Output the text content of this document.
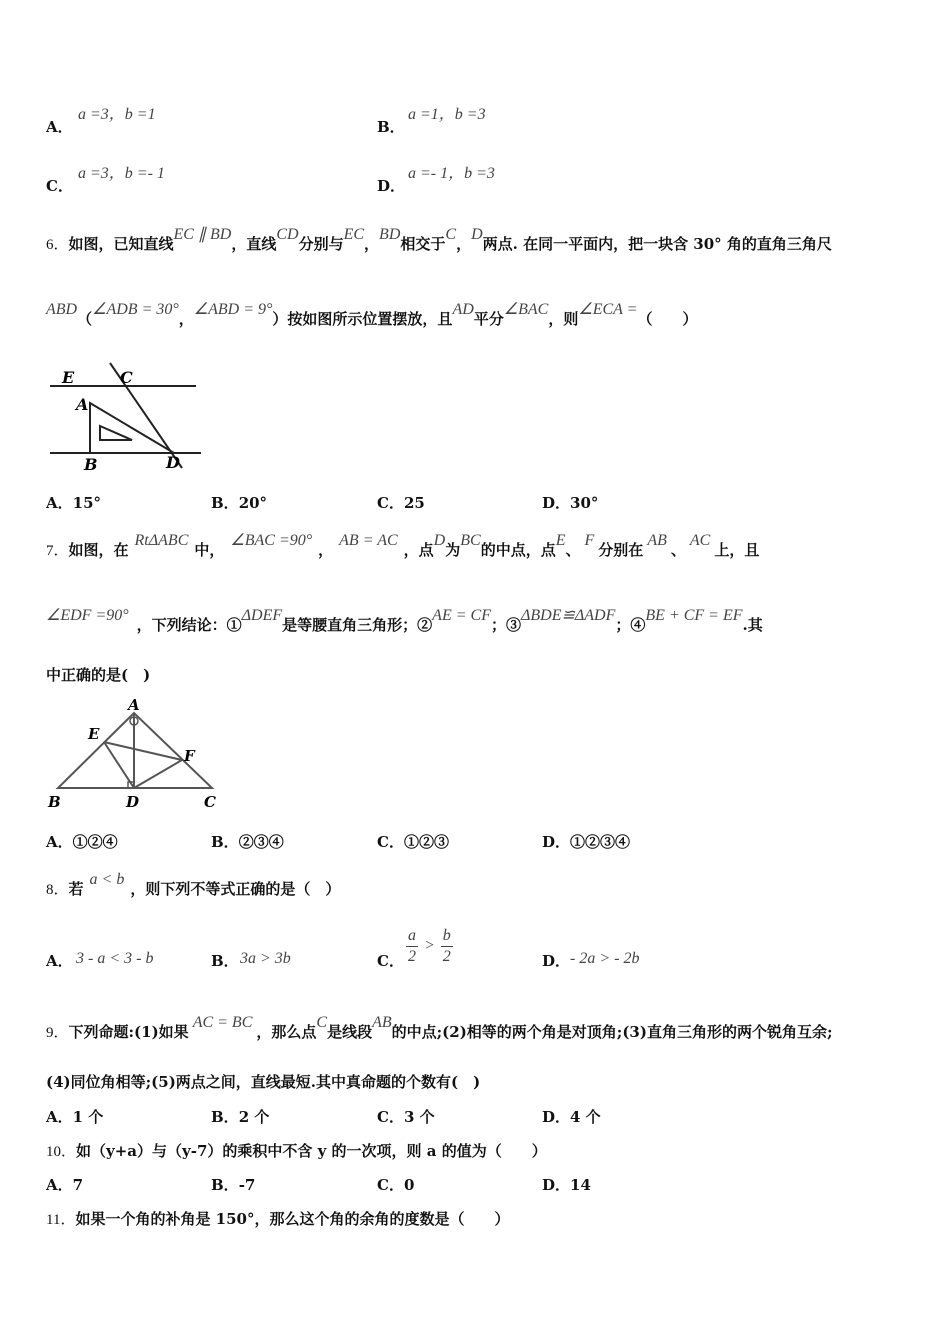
A．
a =3，b =1
B．
a =1，b =3
C．
a =3，b =- 1
D．
a =- 1，b =3
6．如图，已知直线EC ∥ BD，直线CD分别与EC，BD相交于C，D两点. 在同一平面内，把一块含 30° 角的直角三角尺
ABD（∠ADB = 30°，∠ABD = 9°）按如图所示位置摆放，且AD平分∠BAC，则∠ECA =（　　）
E	C
A
B	D
A．15°	B．20°	C．25	D．30°
7．如图，在RtΔABC中，∠BAC =90°，AB = AC，点D为BC的中点，点E、F分别在AB、AC上，且
∠EDF =90°，下列结论：①ΔDEF是等腰直角三角形；②AE = CF；③ΔBDE≌ΔADF；④BE + CF = EF.其
中正确的是(　)
A
E
F
B	D	C
A．①②④	B．②③④	C．①②③	D．①②③④
8．若a < b，则下列不等式正确的是（　）
A． 3 - a < 3 - b	B． 3a > 3b	C． $\frac{a}{2} > \frac{b}{2}$	D． - 2a > - 2b
9．下列命题:(1)如果AC = BC，那么点C是线段AB的中点;(2)相等的两个角是对顶角;(3)直角三角形的两个锐角互余;
(4)同位角相等;(5)两点之间，直线最短.其中真命题的个数有(　)
A．1 个	B．2 个	C．3 个	D．4 个
10．如（y+a）与（y-7）的乘积中不含 y 的一次项，则 a 的值为（　　）
A．7	B．-7	C．0	D．14
11．如果一个角的补角是 150°，那么这个角的余角的度数是（　　）
